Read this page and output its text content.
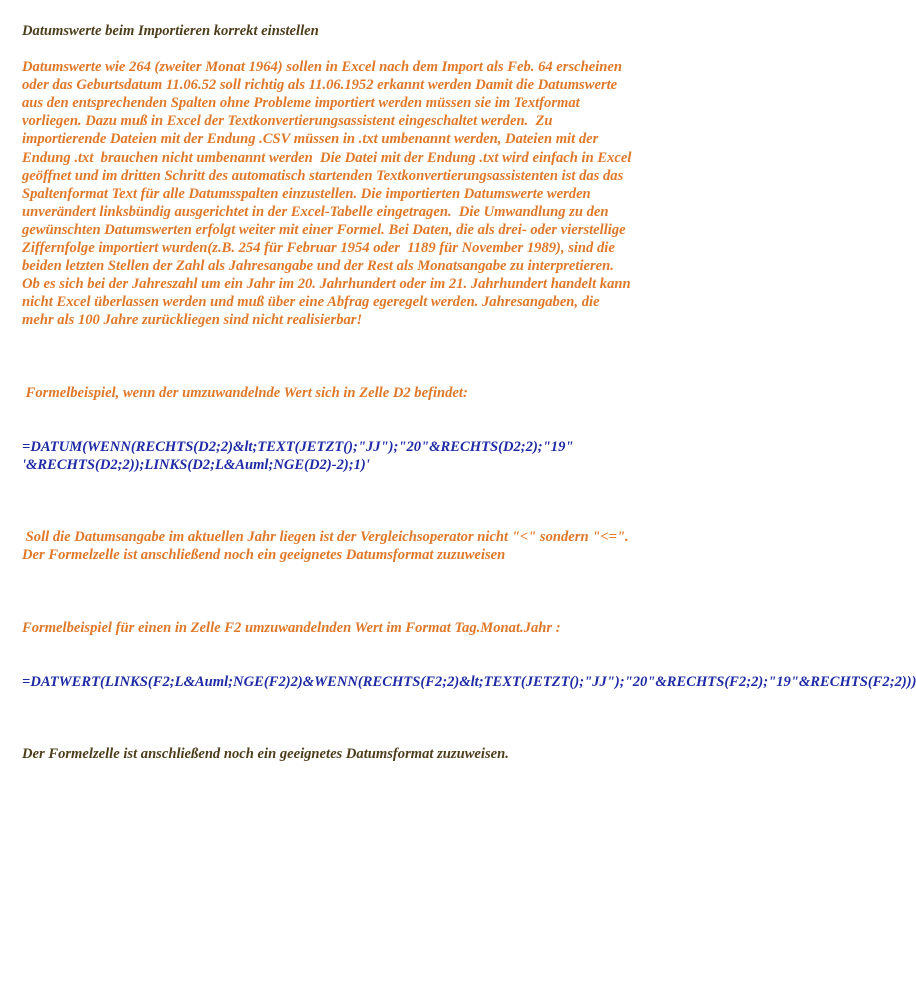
Datumswerte beim Importieren korrekt einstellen
Datumswerte wie 264 (zweiter Monat 1964) sollen in Excel nach dem Import als Feb. 64 erscheinen oder das Geburtsdatum 11.06.52 soll richtig als 11.06.1952 erkannt werden Damit die Datumswerte aus den entsprechenden Spalten ohne Probleme importiert werden müssen sie im Textformat vorliegen. Dazu muß in Excel der Textkonvertierungsassistent eingeschaltet werden.  Zu importierende Dateien mit der Endung .CSV müssen in .txt umbenannt werden, Dateien mit der Endung .txt  brauchen nicht umbenannt werden  Die Datei mit der Endung .txt wird einfach in Excel geöffnet und im dritten Schritt des automatisch startenden Textkonvertierungsassistenten ist das das Spaltenformat Text für alle Datumsspalten einzustellen. Die importierten Datumswerte werden unverändert linksbündig ausgerichtet in der Excel-Tabelle eingetragen.  Die Umwandlung zu den gewünschten Datumswerten erfolgt weiter mit einer Formel. Bei Daten, die als drei- oder vierstellige Ziffernfolge importiert wurden(z.B. 254 für Februar 1954 oder  1189 für November 1989), sind die beiden letzten Stellen der Zahl als Jahresangabe und der Rest als Monatsangabe zu interpretieren. Ob es sich bei der Jahreszahl um ein Jahr im 20. Jahrhundert oder im 21. Jahrhundert handelt kann nicht Excel überlassen werden und muß über eine Abfrag egeregelt werden. Jahresangaben, die mehr als 100 Jahre zurückliegen sind nicht realisierbar!

Formelbeispiel, wenn der umzuwandelnde Wert sich in Zelle D2 befindet:

=DATUM(WENN(RECHTS(D2;2)&lt;TEXT(JETZT();"JJ");"20"&RECHTS(D2;2);"19" '&RECHTS(D2;2));LINKS(D2;L&Auml;NGE(D2)-2);1)'

Soll die Datumsangabe im aktuellen Jahr liegen ist der Vergleichsoperator nicht "<" sondern "<=". Der Formelzelle ist anschließend noch ein geeignetes Datumsformat zuzuweisen

Formelbeispiel für einen in Zelle F2 umzuwandelnden Wert im Format Tag.Monat.Jahr :

=DATWERT(LINKS(F2;L&Auml;NGE(F2)2)&WENN(RECHTS(F2;2)&lt;TEXT(JETZT();"JJ");"20"&RECHTS(F2;2);"19"&RECHTS(F2;2)))

Der Formelzelle ist anschließend noch ein geeignetes Datumsformat zuzuweisen.
